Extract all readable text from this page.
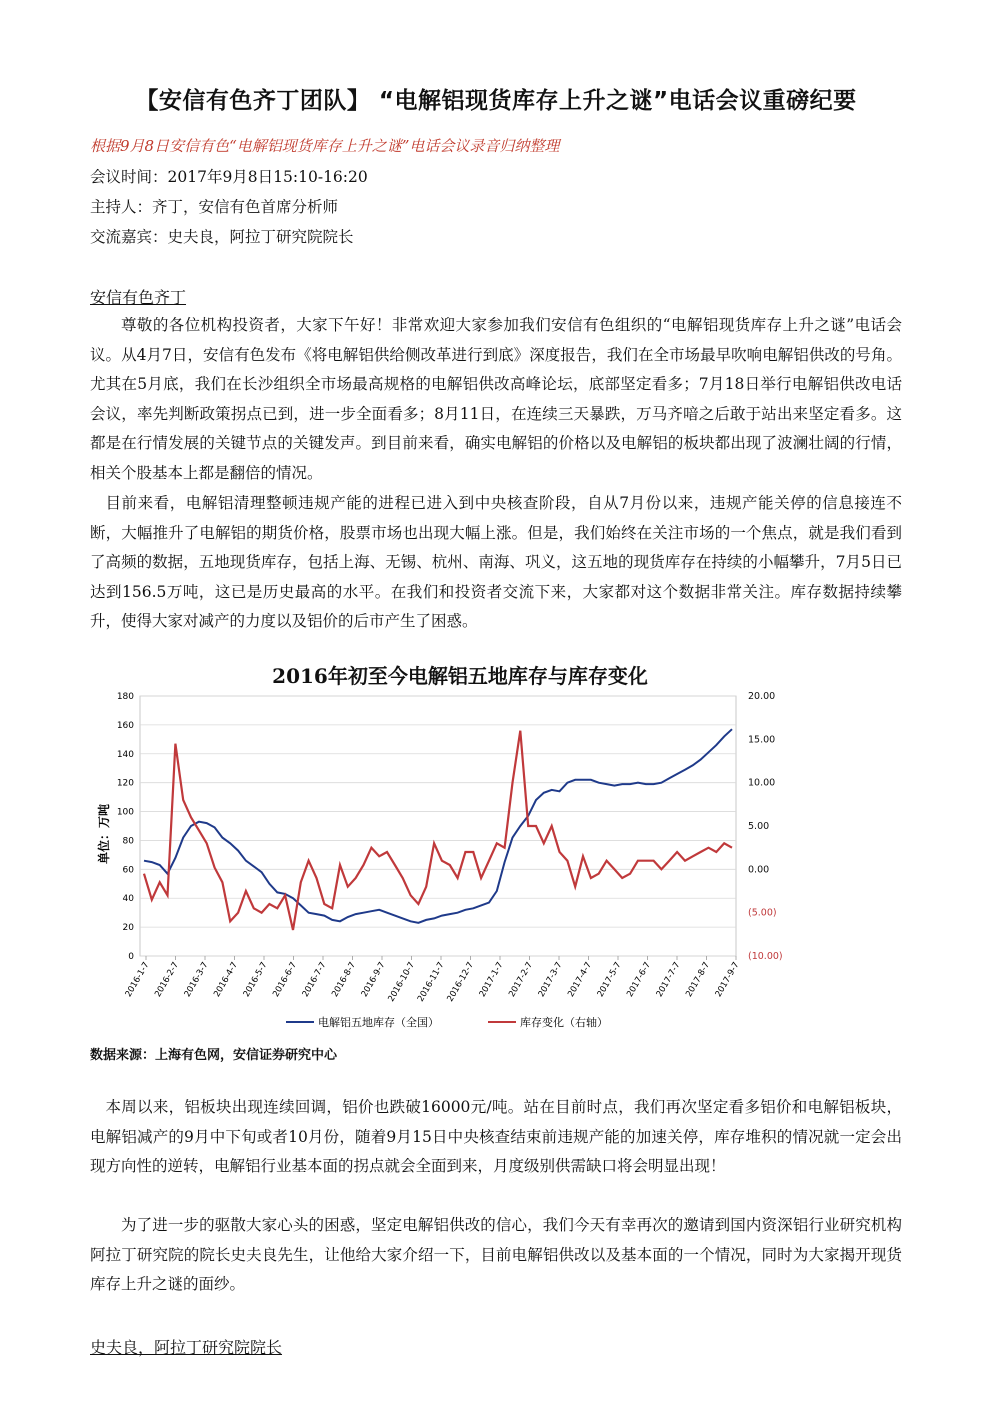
【安信有色齐丁团队】 “电解铝现货库存上升之谜”电话会议重磅纪要
根据9月8日安信有色“电解铝现货库存上升之谜”电话会议录音归纳整理
会议时间：2017年9月8日15:10-16:20
主持人：齐丁，安信有色首席分析师
交流嘉宾：史夫良，阿拉丁研究院院长
安信有色齐丁
尊敬的各位机构投资者，大家下午好！非常欢迎大家参加我们安信有色组织的“电解铝现货库存上升之谜”电话会议。从4月7日，安信有色发布《将电解铝供给侧改革进行到底》深度报告，我们在全市场最早吹响电解铝供改的号角。尤其在5月底，我们在长沙组织全市场最高规格的电解铝供改高峰论坛，底部坚定看多；7月18日举行电解铝供改电话会议，率先判断政策拐点已到，进一步全面看多；8月11日，在连续三天暴跌，万马齐喑之后敢于站出来坚定看多。这都是在行情发展的关键节点的关键发声。到目前来看，确实电解铝的价格以及电解铝的板块都出现了波澜壮阔的行情，相关个股基本上都是翻倍的情况。
目前来看，电解铝清理整顿违规产能的进程已进入到中央核查阶段，自从7月份以来，违规产能关停的信息接连不断，大幅推升了电解铝的期货价格，股票市场也出现大幅上涨。但是，我们始终在关注市场的一个焦点，就是我们看到了高频的数据，五地现货库存，包括上海、无锡、杭州、南海、巩义，这五地的现货库存在持续的小幅攀升，7月5日已达到156.5万吨，这已是历史最高的水平。在我们和投资者交流下来，大家都对这个数据非常关注。库存数据持续攀升，使得大家对减产的力度以及铝价的后市产生了困惑。
2016年初至今电解铝五地库存与库存变化
0
20
40
60
80
100
120
140
160
180	20.00
15.00
10.00
5.00
0.00
(5.00)
(10.00)
2016-1-7 2016-2-7 2016-3-7 2016-4-7 2016-5-7 2016-6-7 2016-7-7 2016-8-7 2016-9-7
2016-10-7
2016-11-7
2016-12-7 2017-1-7 2017-2-7 2017-3-7 2017-4-7 2017-5-7 2017-6-7 2017-7-7 2017-8-7 2017-9-7
单位：万吨
电解铝五地库存（全国）	库存变化（右轴）
数据来源：上海有色网，安信证券研究中心
本周以来，铝板块出现连续回调，铝价也跌破16000元/吨。站在目前时点，我们再次坚定看多铝价和电解铝板块，电解铝减产的9月中下旬或者10月份，随着9月15日中央核查结束前违规产能的加速关停，库存堆积的情况就一定会出现方向性的逆转，电解铝行业基本面的拐点就会全面到来，月度级别供需缺口将会明显出现！
为了进一步的驱散大家心头的困惑，坚定电解铝供改的信心，我们今天有幸再次的邀请到国内资深铝行业研究机构阿拉丁研究院的院长史夫良先生，让他给大家介绍一下，目前电解铝供改以及基本面的一个情况，同时为大家揭开现货库存上升之谜的面纱。
史夫良，阿拉丁研究院院长
